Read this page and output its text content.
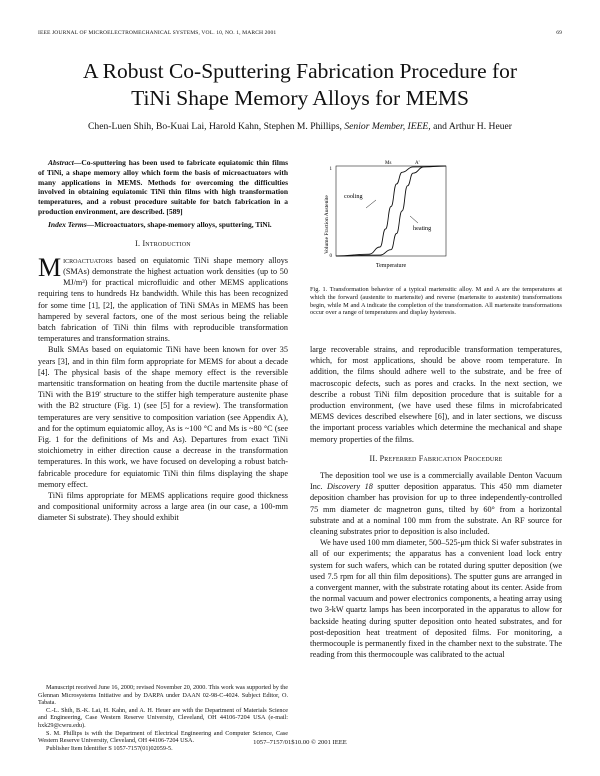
IEEE JOURNAL OF MICROELECTROMECHANICAL SYSTEMS, VOL. 10, NO. 1, MARCH 2001	69
A Robust Co-Sputtering Fabrication Procedure for
TiNi Shape Memory Alloys for MEMS
Chen-Luen Shih, Bo-Kuai Lai, Harold Kahn, Stephen M. Phillips, Senior Member, IEEE, and Arthur H. Heuer
Abstract—Co-sputtering has been used to fabricate equiatomic thin films of TiNi, a shape memory alloy which form the basis of microactuators with many applications in MEMS. Methods for overcoming the difficulties involved in obtaining equiatomic TiNi thin films with high transformation temperatures, and a robust procedure suitable for batch fabrication in a production environment, are described. [589]
Index Terms—Microactuators, shape-memory alloys, sputtering, TiNi.
I. Introduction
Microactuators based on equiatomic TiNi shape memory alloys (SMAs) demonstrate the highest actuation work densities (up to 50 MJ/m³) for practical microfluidic and other MEMS applications requiring tens to hundreds Hz bandwidth. While this has been recognized for some time [1], [2], the application of TiNi SMAs in MEMS has been hampered by several factors, one of the most serious being the reliable batch fabrication of TiNi thin films with reproducible transformation temperatures and transformation strains.
Bulk SMAs based on equiatomic TiNi have been known for over 35 years [3], and in thin film form appropriate for MEMS for about a decade [4]. The physical basis of the shape memory effect is the reversible martensitic transformation on heating from the ductile martensite phase of TiNi with the B19′ structure to the stiffer high temperature austenite phase with the B2 structure (Fig. 1) (see [5] for a review). The transformation temperatures are very sensitive to composition variation (see Appendix A), and for the optimum equiatomic alloy, As is ~100 °C and Ms is ~80 °C (see Fig. 1 for the definitions of Ms and As). Departures from exact TiNi stoichiometry in either direction cause a decrease in the transformation temperatures. In this work, we have focused on developing a robust batch-fabricable procedure for equiatomic TiNi thin films displaying the shape memory effect.
TiNi films appropriate for MEMS applications require good thickness and compositional uniformity across a large area (in our case, a 100-mm diameter Si substrate). They should exhibit
Manuscript received June 16, 2000; revised November 20, 2000. This work was supported by the Glennan Microsystems Initiative and by DARPA under DAAN 02-98-C-4024. Subject Editor, O. Tabata.
C.-L. Shih, B.-K. Lai, H. Kahn, and A. H. Heuer are with the Department of Materials Science and Engineering, Case Western Reserve University, Cleveland, OH 44106-7204 USA (e-mail: hxk29@cwru.edu).
S. M. Phillips is with the Department of Electrical Engineering and Computer Science, Case Western Reserve University, Cleveland, OH 44106-7204 USA.
Publisher Item Identifier S 1057-7157(01)02059-5.
Volume Fraction Austenite
1
0
Temperature
cooling
heating
Ms	A'
Fig. 1. Transformation behavior of a typical martensitic alloy. M and A are the temperatures at which the forward (austenite to martensite) and reverse (martensite to austenite) transformations begin, while M and A indicate the completion of the transformation. All martensite transformations occur over a range of temperatures and display hysteresis.
large recoverable strains, and reproducible transformation temperatures, which, for most applications, should be above room temperature. In addition, the films should adhere well to the substrate, and be free of macroscopic defects, such as pores and cracks. In the next section, we describe a robust TiNi film deposition procedure that is suitable for a production environment, (we have used these films in microfabricated MEMS devices described elsewhere [6]), and in later sections, we discuss the important process variables which determine the mechanical and shape memory properties of the films.
II. Preferred Fabrication Procedure
The deposition tool we use is a commercially available Denton Vacuum Inc. Discovery 18 sputter deposition apparatus. This 450 mm diameter deposition chamber has provision for up to three independently-controlled 75 mm diameter dc magnetron guns, tilted by 60° from a horizontal substrate and at a nominal 100 mm from the substrate. An RF source for cleaning substrates prior to deposition is also included.
We have used 100 mm diameter, 500–525-μm thick Si wafer substrates in all of our experiments; the apparatus has a convenient load lock entry system for such wafers, which can be rotated during sputter deposition (we used 7.5 rpm for all thin film depositions). The sputter guns are arranged in a convergent manner, with the substrate rotating about its center. Aside from the normal vacuum and power electronics components, a heating array using two 3-kW quartz lamps has been incorporated in the apparatus to allow for backside heating during sputter deposition onto heated substrates, and for post-deposition heat treatment of deposited films. For monitoring, a thermocouple is permanently fixed in the chamber next to the substrate. The reading from this thermocouple was calibrated to the actual
1057–7157/01$10.00 © 2001 IEEE
